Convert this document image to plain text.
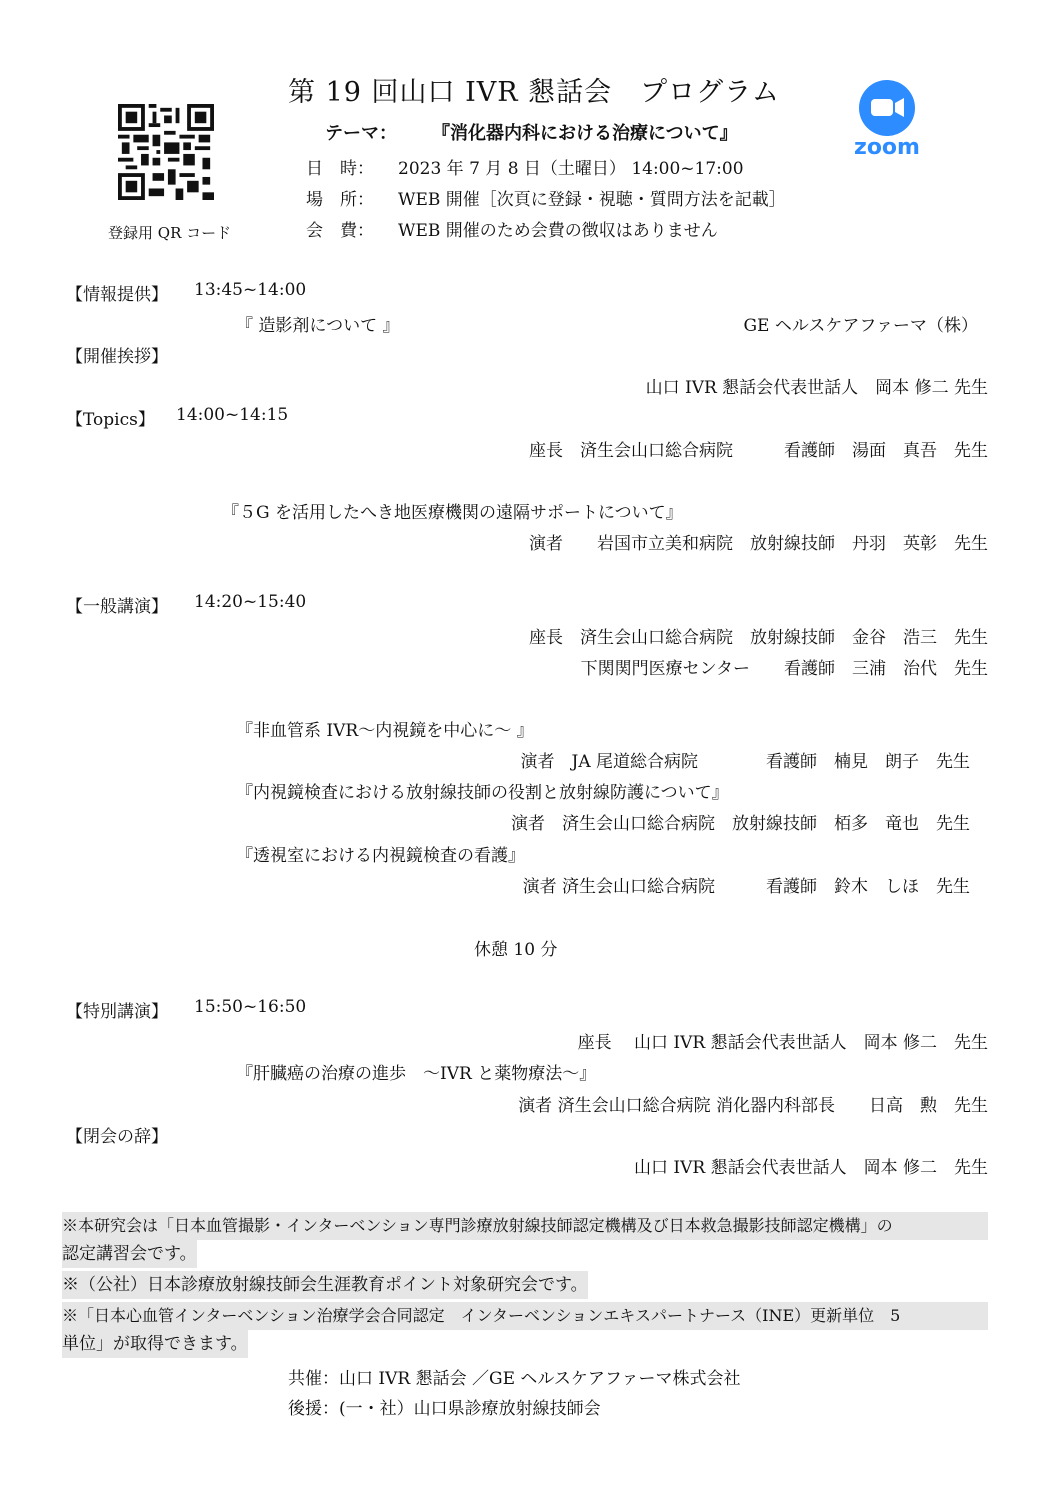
第 19 回山口 IVR 懇話会　プログラム
登録用 QR コード
zoom
テーマ： 『消化器内科における治療について』
日　時： 2023 年 7 月 8 日（土曜日） 14:00~17:00
場　所： WEB 開催［次頁に登録・視聴・質問方法を記載］
会　費： WEB 開催のため会費の徴収はありません
【情報提供】 13:45~14:00
『 造影剤について 』	GE ヘルスケアファーマ（株）
【開催挨拶】
山口 IVR 懇話会代表世話人　岡本 修二 先生
【Topics】 14:00~14:15
座長　済生会山口総合病院　　　看護師　湯面　真吾　先生
『５G を活用したへき地医療機関の遠隔サポートについて』
演者　　岩国市立美和病院　放射線技師　丹羽　英彰　先生
【一般講演】 14:20~15:40
座長　済生会山口総合病院　放射線技師　金谷　浩三　先生
下関関門医療センター　　看護師　三浦　治代　先生
『非血管系 IVR〜内視鏡を中心に〜 』
演者　JA 尾道総合病院　　　　看護師　楠見　朗子　先生
『内視鏡検査における放射線技師の役割と放射線防護について』
演者　済生会山口総合病院　放射線技師　栢多　竜也　先生
『透視室における内視鏡検査の看護』
演者 済生会山口総合病院　　　看護師　鈴木　しほ　先生
休憩 10 分
【特別講演】 15:50~16:50
座長　 山口 IVR 懇話会代表世話人　岡本 修二　先生
『肝臓癌の治療の進歩　〜IVR と薬物療法〜』
演者 済生会山口総合病院 消化器内科部長　　日高　勲　先生
【閉会の辞】
山口 IVR 懇話会代表世話人　岡本 修二　先生
※本研究会は「日本血管撮影・インターベンション専門診療放射線技師認定機構及び日本救急撮影技師認定機構」の
認定講習会です。
※（公社）日本診療放射線技師会生涯教育ポイント対象研究会です。
※「日本心血管インターベンション治療学会合同認定　インターベンションエキスパートナース（INE）更新単位　5
単位」が取得できます。
共催：山口 IVR 懇話会 ／GE ヘルスケアファーマ株式会社
後援：(一・社）山口県診療放射線技師会
